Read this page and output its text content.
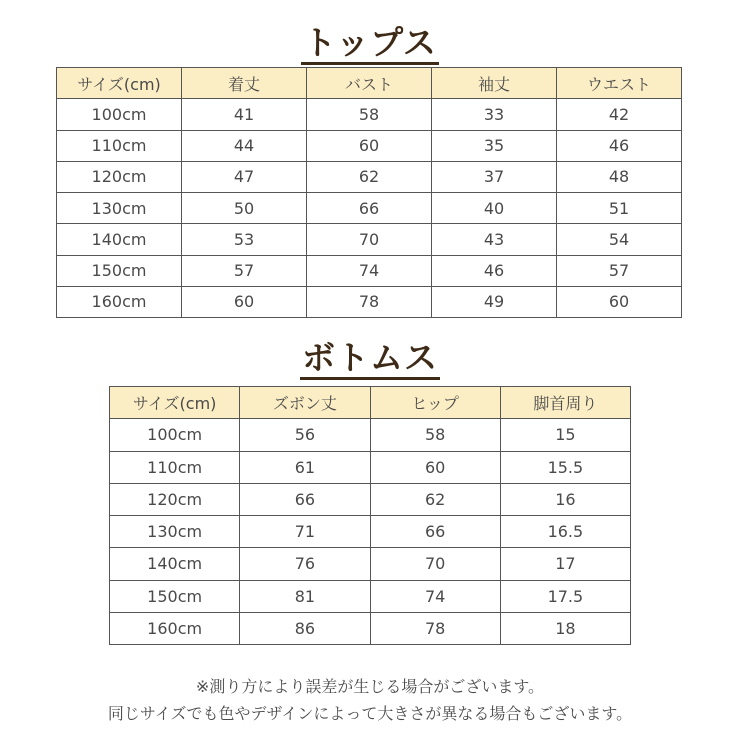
トップス
サイズ(cm)	着丈	バスト	袖丈	ウエスト
100cm	41	58	33	42
110cm	44	60	35	46
120cm	47	62	37	48
130cm	50	66	40	51
140cm	53	70	43	54
150cm	57	74	46	57
160cm	60	78	49	60
ボトムス
サイズ(cm)	ズボン丈	ヒップ	脚首周り
100cm	56	58	15
110cm	61	60	15.5
120cm	66	62	16
130cm	71	66	16.5
140cm	76	70	17
150cm	81	74	17.5
160cm	86	78	18
※測り方により誤差が生じる場合がございます。
同じサイズでも色やデザインによって大きさが異なる場合もございます。
